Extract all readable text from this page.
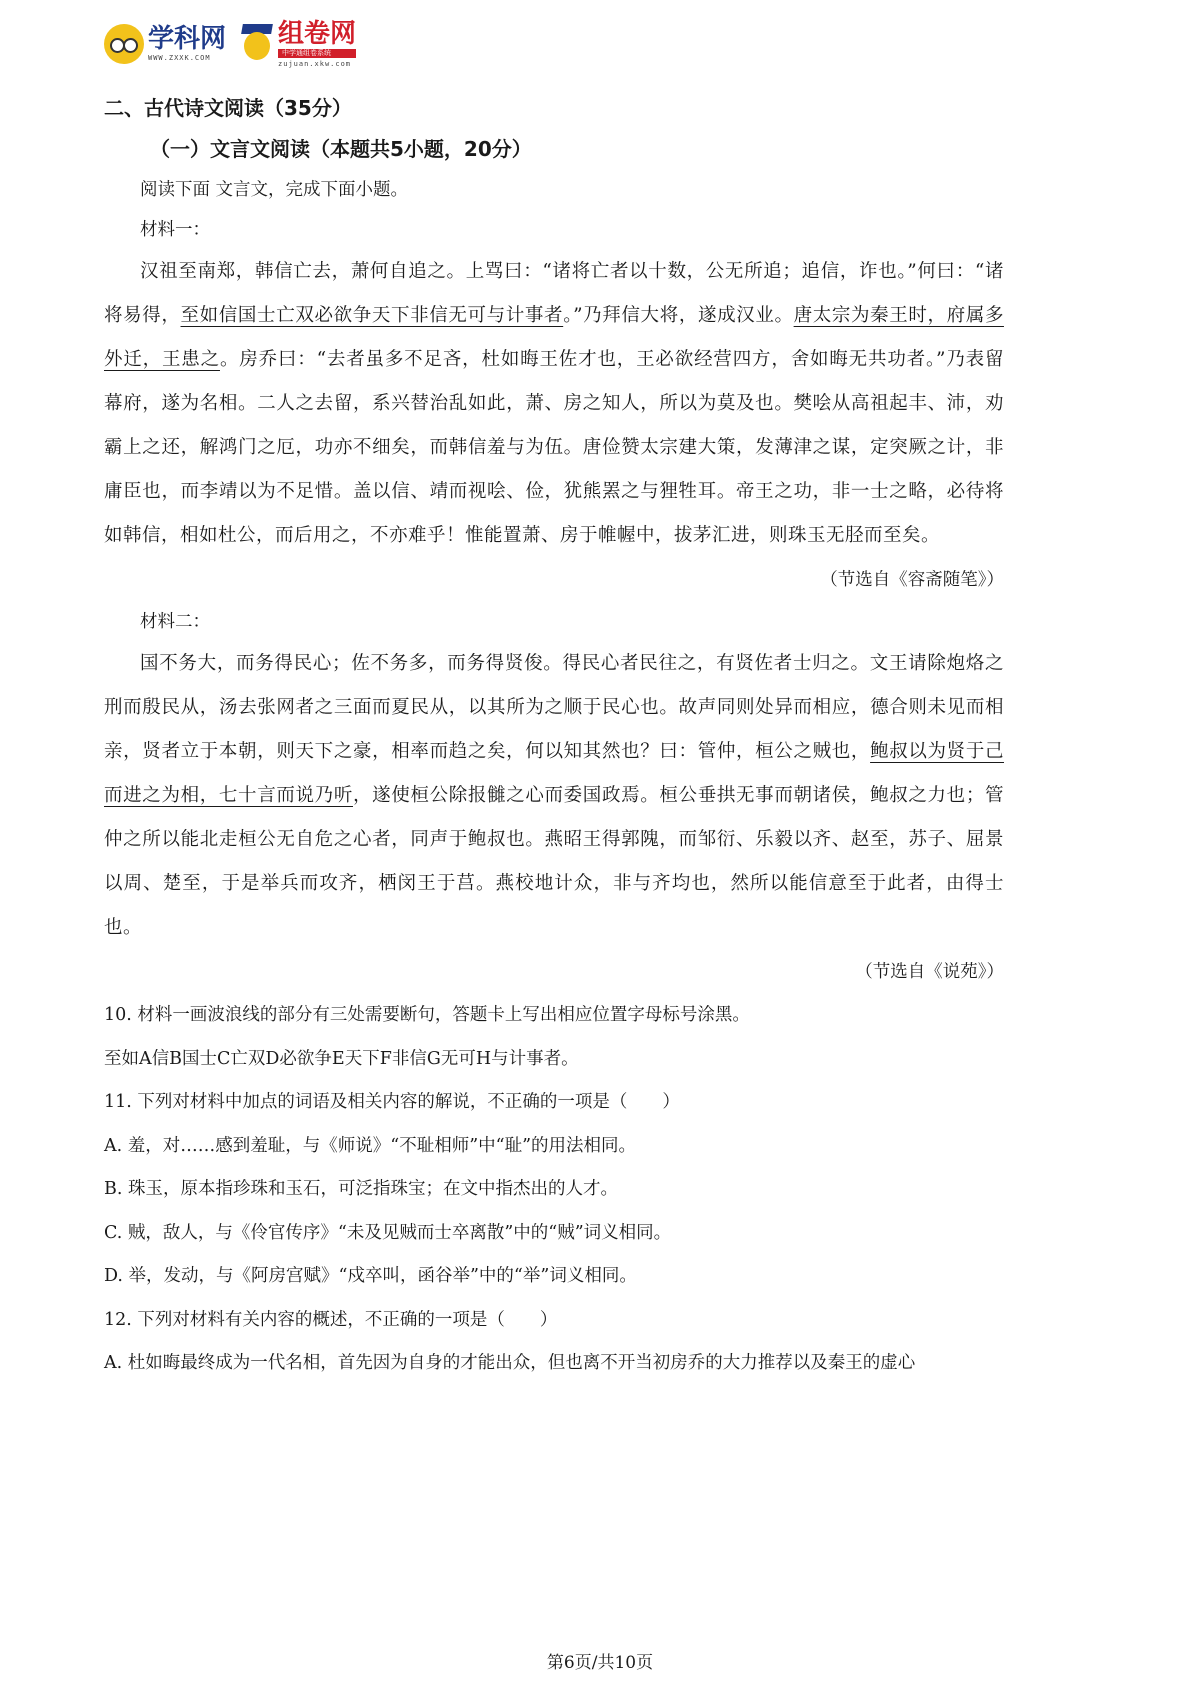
学科网
WWW.ZXXK.COM
组卷网
中学通组卷系统
zujuan.xkw.com
二、古代诗文阅读（35分）
（一）文言文阅读（本题共5小题，20分）

阅读下面 文言文，完成下面小题。

材料一：

汉祖至南郑，韩信亡去，萧何自追之。上骂曰：“诸将亡者以十数，公无所追；追信，诈也。”何曰：“诸将易得，至如信国士亡双必欲争天下非信无可与计事者。”乃拜信大将，遂成汉业。唐太宗为秦王时，府属多外迁，王患之。房乔曰：“去者虽多不足吝，杜如晦王佐才也，王必欲经营四方，舍如晦无共功者。”乃表留幕府，遂为名相。二人之去留，系兴替治乱如此，萧、房之知人，所以为莫及也。樊哙从高祖起丰、沛，劝霸上之还，解鸿门之厄，功亦不细矣，而韩信羞与为伍。唐俭赞太宗建大策，发薄津之谋，定突厥之计，非庸臣也，而李靖以为不足惜。盖以信、靖而视哙、俭，犹熊罴之与狸牲耳。帝王之功，非一士之略，必待将如韩信，相如杜公，而后用之，不亦难乎！惟能置萧、房于帷幄中，拔茅汇进，则珠玉无胫而至矣。

（节选自《容斋随笔》）

材料二：

国不务大，而务得民心；佐不务多，而务得贤俊。得民心者民往之，有贤佐者士归之。文王请除炮烙之刑而殷民从，汤去张网者之三面而夏民从，以其所为之顺于民心也。故声同则处异而相应，德合则未见而相亲，贤者立于本朝，则天下之豪，相率而趋之矣，何以知其然也？曰：管仲，桓公之贼也，鲍叔以为贤于己而进之为相，七十言而说乃听，遂使桓公除报雠之心而委国政焉。桓公垂拱无事而朝诸侯，鲍叔之力也；管仲之所以能北走桓公无自危之心者，同声于鲍叔也。燕昭王得郭隗，而邹衍、乐毅以齐、赵至，苏子、屈景以周、楚至，于是举兵而攻齐，栖闵王于莒。燕校地计众，非与齐均也，然所以能信意至于此者，由得士也。

（节选自《说苑》）

10. 材料一画波浪线的部分有三处需要断句，答题卡上写出相应位置字母标号涂黑。

至如A信B国士C亡双D必欲争E天下F非信G无可H与计事者。

11. 下列对材料中加点的词语及相关内容的解说，不正确的一项是（　　）

A. 羞，对……感到羞耻，与《师说》“不耻相师”中“耻”的用法相同。

B. 珠玉，原本指珍珠和玉石，可泛指珠宝；在文中指杰出的人才。

C. 贼，敌人，与《伶官传序》“未及见贼而士卒离散”中的“贼”词义相同。

D. 举，发动，与《阿房宫赋》“戍卒叫，函谷举”中的“举”词义相同。

12. 下列对材料有关内容的概述，不正确的一项是（　　）

A. 杜如晦最终成为一代名相，首先因为自身的才能出众，但也离不开当初房乔的大力推荐以及秦王的虚心

第6页/共10页
